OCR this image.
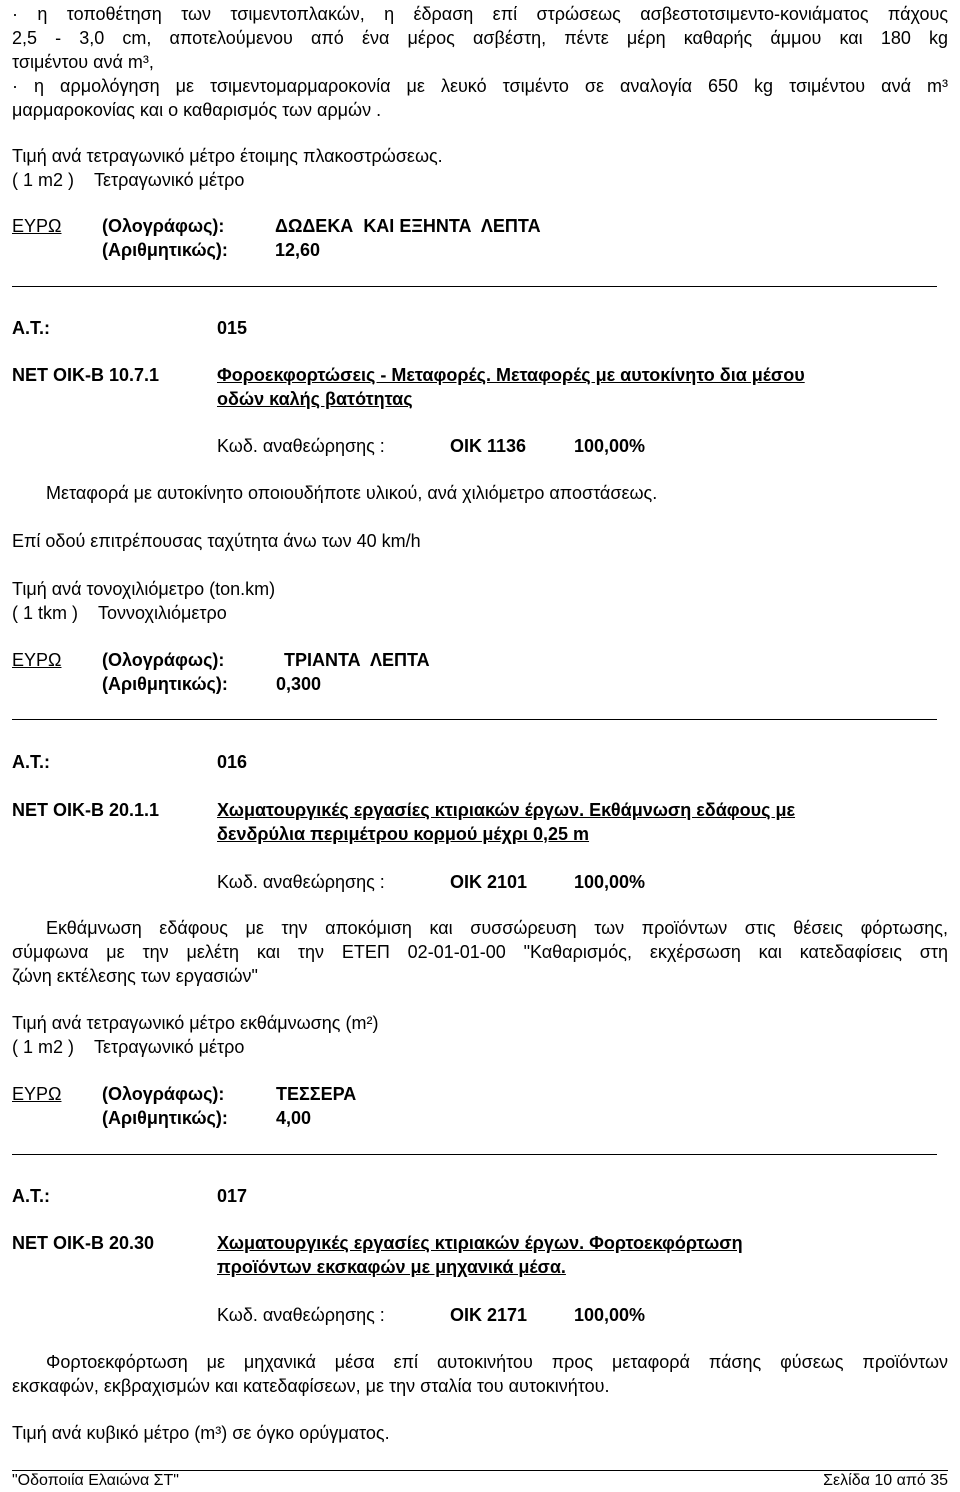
· η τοποθέτηση των τσιμεντοπλακών, η έδραση επί στρώσεως ασβεστοτσιμεντο-κονιάματος πάχους
2,5 - 3,0 cm, αποτελούμενου από ένα μέρος ασβέστη, πέντε μέρη καθαρής άμμου και 180 kg
τσιμέντου ανά m³,
· η αρμολόγηση με τσιμεντομαρμαροκονία με λευκό τσιμέντο σε αναλογία 650 kg τσιμέντου ανά m³
μαρμαροκονίας και ο καθαρισμός των αρμών .
Τιμή ανά τετραγωνικό μέτρο έτοιμης πλακοστρώσεως.
( 1 m2 )    Τετραγωνικό μέτρο
ΕΥΡΩ (Ολογράφως):	ΔΩΔΕΚΑ  ΚΑΙ ΕΞΗΝΤΑ  ΛΕΠΤΑ
(Αριθμητικώς):	12,60
Α.Τ.:	015
ΝΕΤ ΟΙΚ-Β 10.7.1	Φοροεκφορτώσεις - Μεταφορές. Μεταφορές με αυτοκίνητο δια μέσου
οδών καλής βατότητας
Κωδ. αναθεώρησης :	ΟΙΚ 1136	100,00%
Μεταφορά με αυτοκίνητο οποιουδήποτε υλικού, ανά χιλιόμετρο αποστάσεως.
Επί οδού επιτρέπουσας ταχύτητα άνω των 40 km/h
Τιμή ανά τονοχιλιόμετρο (ton.km)
( 1 tkm )    Τοννοχιλιόμετρο
ΕΥΡΩ (Ολογράφως):	ΤΡΙΑΝΤΑ  ΛΕΠΤΑ
(Αριθμητικώς):	0,300
Α.Τ.:	016
ΝΕΤ ΟΙΚ-Β 20.1.1	Χωματουργικές εργασίες κτιριακών έργων. Εκθάμνωση εδάφους με
δενδρύλια περιμέτρου κορμού μέχρι 0,25 m
Κωδ. αναθεώρησης :	ΟΙΚ 2101	100,00%
Εκθάμνωση εδάφους με την αποκόμιση και συσσώρευση των προϊόντων στις θέσεις φόρτωσης,
σύμφωνα με την μελέτη και την ΕΤΕΠ 02-01-01-00 "Καθαρισμός, εκχέρσωση και κατεδαφίσεις στη
ζώνη εκτέλεσης των εργασιών"
Τιμή ανά τετραγωνικό μέτρο εκθάμνωσης (m²)
( 1 m2 )    Τετραγωνικό μέτρο
ΕΥΡΩ (Ολογράφως):	ΤΕΣΣΕΡΑ
(Αριθμητικώς):	4,00
Α.Τ.:	017
ΝΕΤ ΟΙΚ-Β 20.30	Χωματουργικές εργασίες κτιριακών έργων. Φορτοεκφόρτωση
προϊόντων εκσκαφών με μηχανικά μέσα.
Κωδ. αναθεώρησης :	ΟΙΚ 2171	100,00%
Φορτοεκφόρτωση με μηχανικά μέσα επί αυτοκινήτου προς μεταφορά πάσης φύσεως προϊόντων
εκσκαφών, εκβραχισμών και κατεδαφίσεων, με την σταλία του αυτοκινήτου.
Τιμή ανά κυβικό μέτρο (m³) σε όγκο ορύγματος.
"Οδοποιία Ελαιώνα ΣΤ"	Σελίδα 10 από 35
